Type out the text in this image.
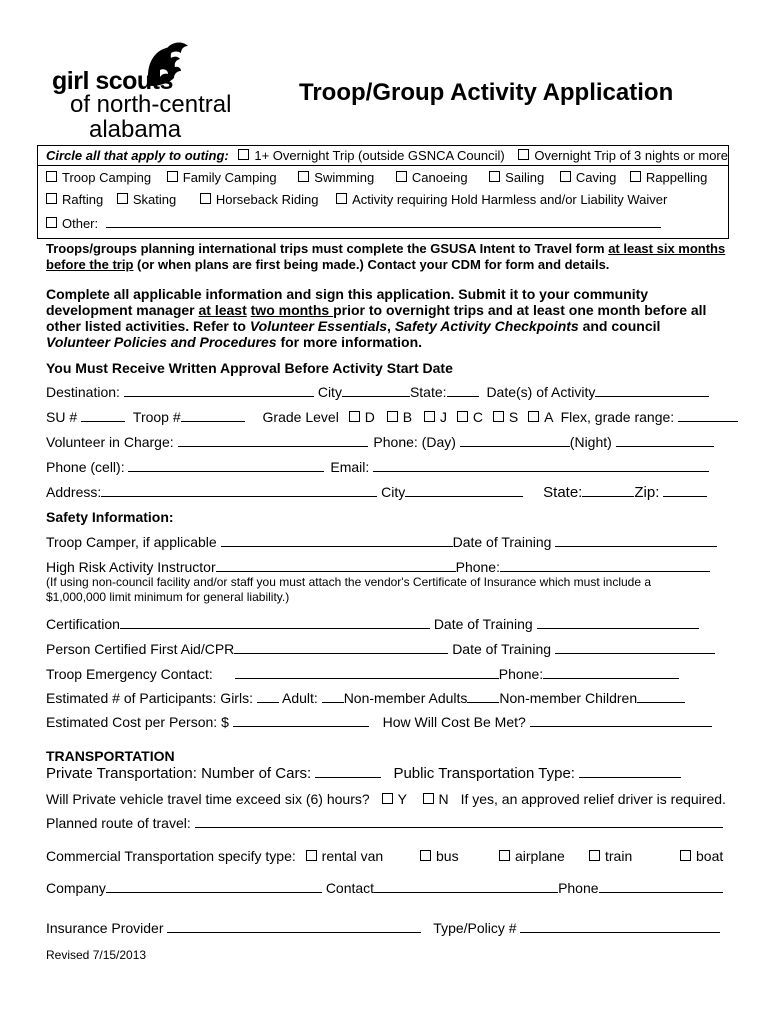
girl scouts
of north-central
alabama
Troop/Group Activity Application
Circle all that apply to outing: 1+ Overnight Trip (outside GSNCA Council) Overnight Trip of 3 nights or more
Troop Camping Family Camping	Swimming	Canoeing	Sailing Caving Rappelling
Rafting Skating	Horseback Riding	Activity requiring Hold Harmless and/or Liability Waiver
Other:
Troops/groups planning international trips must complete the GSUSA Intent to Travel form at least six months before the trip (or when plans are first being made.) Contact your CDM for form and details.
Complete all applicable information and sign this application. Submit it to your community
development manager at least two months prior to overnight trips and at least one month before all
other listed activities. Refer to Volunteer Essentials, Safety Activity Checkpoints and council
Volunteer Policies and Procedures for more information.
You Must Receive Written Approval Before Activity Start Date
Destination:	City	State:	Date(s) of Activity
SU #	Troop #	Grade Level D B J C S A Flex, grade range:
Volunteer in Charge:	Phone: (Day)	(Night)
Phone (cell):	Email:
Address:	City	State:	Zip:
Safety Information:
Troop Camper, if applicable	Date of Training
High Risk Activity Instructor	Phone:
(If using non-council facility and/or staff you must attach the vendor's Certificate of Insurance which must include a
$1,000,000 limit minimum for general liability.)
Certification	Date of Training
Person Certified First Aid/CPR	Date of Training
Troop Emergency Contact:	Phone:
Estimated # of Participants: Girls: Adult: Non-member Adults Non-member Children
Estimated Cost per Person: $	How Will Cost Be Met?
TRANSPORTATION
Private Transportation: Number of Cars:	Public Transportation Type:
Will Private vehicle travel time exceed six (6) hours? Y N If yes, an approved relief driver is required.
Planned route of travel:
Commercial Transportation specify type: rental van	bus	airplane	train	boat
Company	Contact	Phone
Insurance Provider	Type/Policy #
Revised 7/15/2013
